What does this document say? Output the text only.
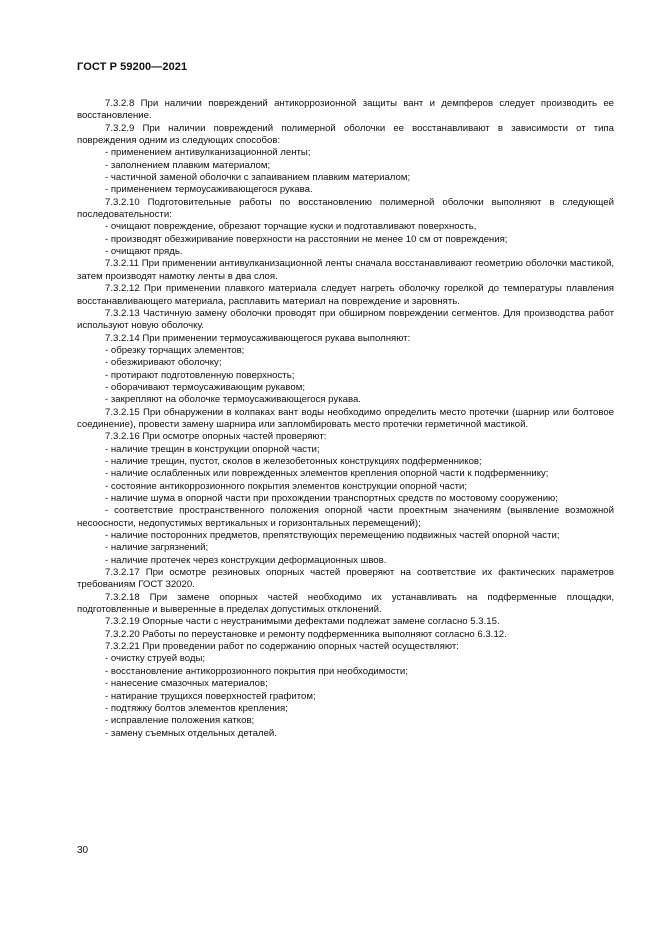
ГОСТ Р 59200—2021

7.3.2.8 При наличии повреждений антикоррозионной защиты вант и демпферов следует производить ее восстановление.

7.3.2.9 При наличии повреждений полимерной оболочки ее восстанавливают в зависимости от типа повреждения одним из следующих способов:

- применением антивулканизационной ленты;

- заполнением плавким материалом;

- частичной заменой оболочки с запаиванием плавким материалом;

- применением термоусаживающегося рукава.

7.3.2.10 Подготовительные работы по восстановлению полимерной оболочки выполняют в следующей последовательности:

- очищают повреждение, обрезают торчащие куски и подготавливают поверхность,

- производят обезжиривание поверхности на расстоянии не менее 10 см от повреждения;

- очищают прядь.

7.3.2.11 При применении антивулканизационной ленты сначала восстанавливают геометрию оболочки мастикой, затем производят намотку ленты в два слоя.

7.3.2.12 При применении плавкого материала следует нагреть оболочку горелкой до температуры плавления восстанавливающего материала, расплавить материал на повреждение и заровнять.

7.3.2.13 Частичную замену оболочки проводят при обширном повреждении сегментов. Для производства работ используют новую оболочку.

7.3.2.14 При применении термоусаживающегося рукава выполняют:

- обрезку торчащих элементов;

- обезжиривают оболочку;

- протирают подготовленную поверхность;

- оборачивают термоусаживающим рукавом;

- закрепляют на оболочке термоусаживающегося рукава.

7.3.2.15 При обнаружении в колпаках вант воды необходимо определить место протечки (шарнир или болтовое соединение), провести замену шарнира или запломбировать место протечки герметичной мастикой.

7.3.2.16 При осмотре опорных частей проверяют:

- наличие трещин в конструкции опорной части;

- наличие трещин, пустот, сколов в железобетонных конструкциях подферменников;

- наличие ослабленных или поврежденных элементов крепления опорной части к подферменнику;

- состояние антикоррозионного покрытия элементов конструкции опорной части;

- наличие шума в опорной части при прохождении транспортных средств по мостовому сооружению;

- соответствие пространственного положения опорной части проектным значениям (выявление возможной несоосности, недопустимых вертикальных и горизонтальных перемещений);

- наличие посторонних предметов, препятствующих перемещению подвижных частей опорной части;

- наличие загрязнений;

- наличие протечек через конструкции деформационных швов.

7.3.2.17 При осмотре резиновых опорных частей проверяют на соответствие их фактических параметров требованиям ГОСТ 32020.

7.3.2.18 При замене опорных частей необходимо их устанавливать на подферменные площадки, подготовленные и выверенные в пределах допустимых отклонений.

7.3.2.19 Опорные части с неустранимыми дефектами подлежат замене согласно 5.3.15.

7.3.2.20 Работы по переустановке и ремонту подферменника выполняют согласно 6.3.12.

7.3.2.21 При проведении работ по содержанию опорных частей осуществляют:

- очистку струей воды;

- восстановление антикоррозионного покрытия при необходимости;

- нанесение смазочных материалов;

- натирание трущихся поверхностей графитом;

- подтяжку болтов элементов крепления;

- исправление положения катков;

- замену съемных отдельных деталей.

30
